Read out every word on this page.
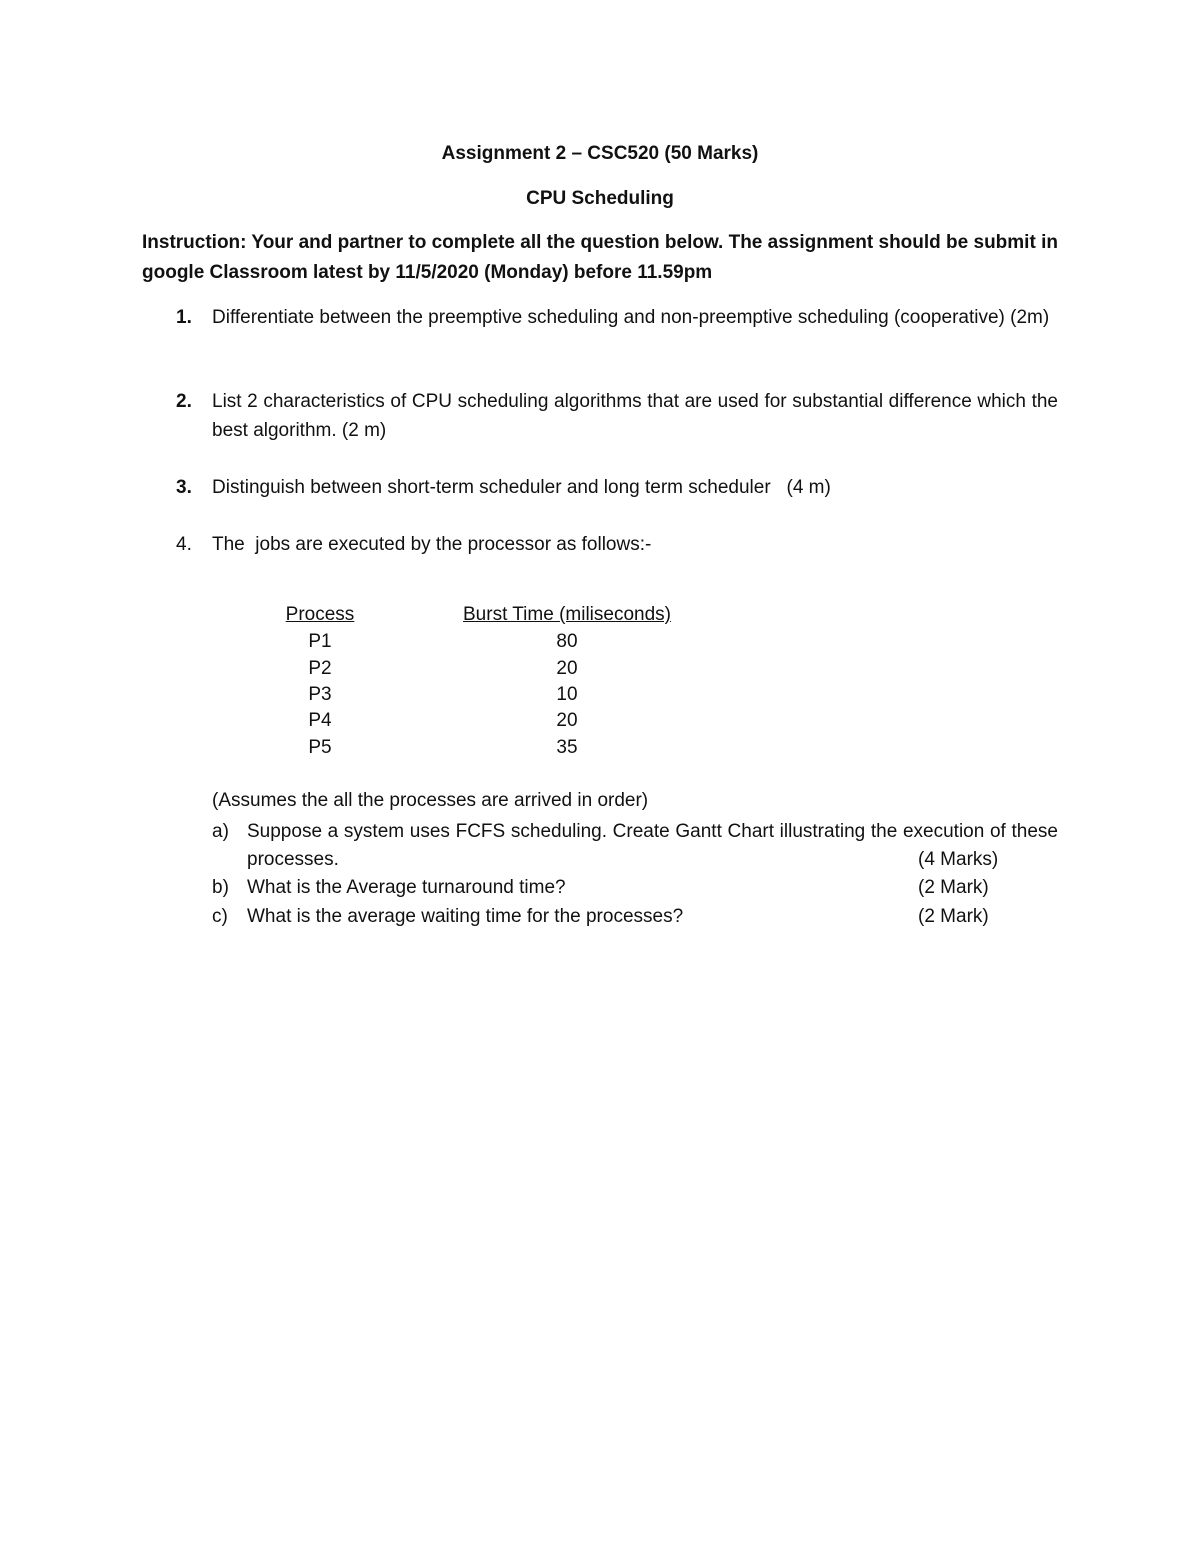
Assignment 2 – CSC520 (50 Marks)
CPU Scheduling
Instruction: Your and partner to complete all the question below. The assignment should be submit in google Classroom latest by 11/5/2020 (Monday) before 11.59pm
1. Differentiate between the preemptive scheduling and non-preemptive scheduling (cooperative) (2m)
2. List 2 characteristics of CPU scheduling algorithms that are used for substantial difference which the best algorithm. (2 m)
3. Distinguish between short-term scheduler and long term scheduler   (4 m)
4. The  jobs are executed by the processor as follows:-
Process	Burst Time (miliseconds)
P1	80
P2	20
P3	10
P4	20
P5	35
(Assumes the all the processes are arrived in order)
a) Suppose a system uses FCFS scheduling. Create Gantt Chart illustrating the execution of these processes.	(4 Marks)
b) What is the Average turnaround time?	(2 Mark)
c) What is the average waiting time for the processes?	(2 Mark)
